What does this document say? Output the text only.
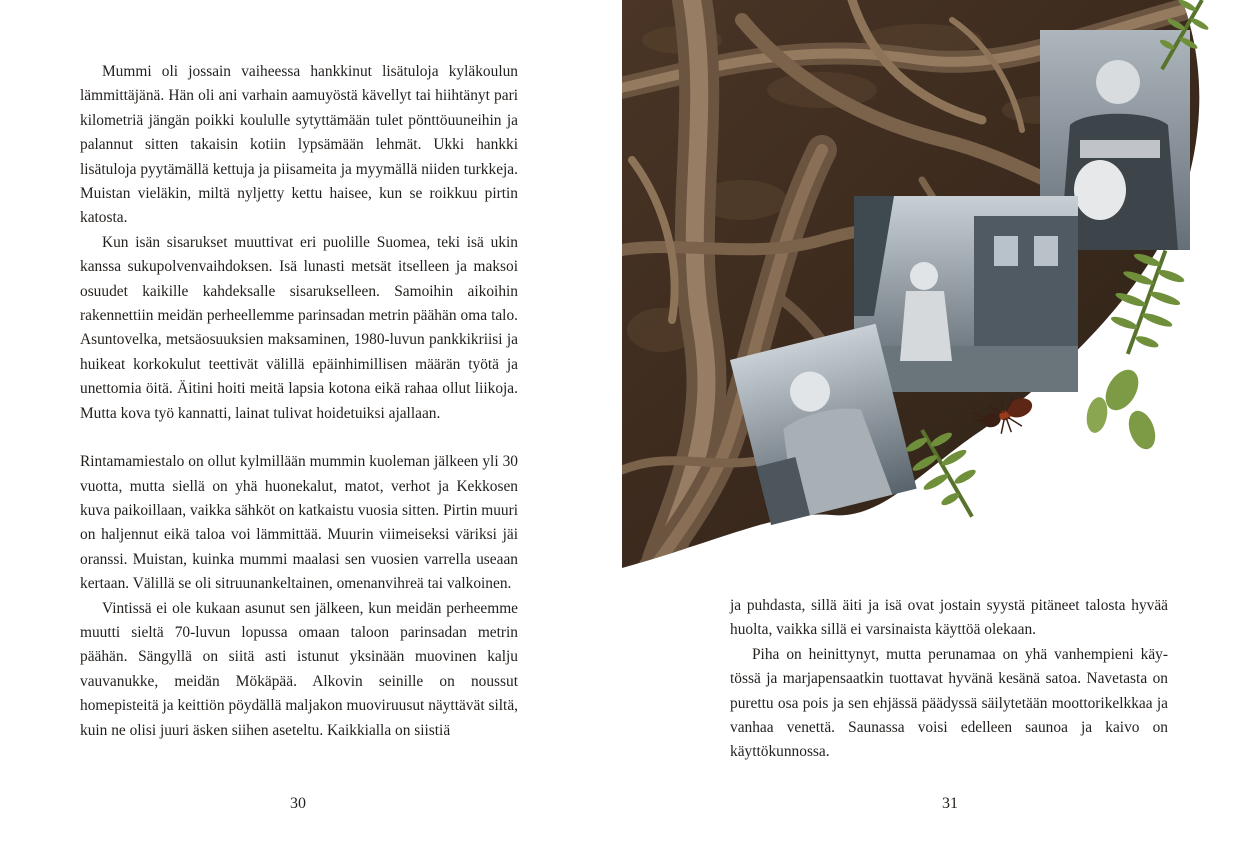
Mummi oli jossain vaiheessa hankkinut lisätuloja kyläkoulun lämmittäjänä. Hän oli ani varhain aamuyöstä kävellyt tai hiihtänyt pari kilometriä jängän poikki koululle sytyttämään tulet pönttöuuneihin ja palannut sitten takaisin kotiin lypsämään lehmät. Ukki hankki lisätuloja pyytämällä kettuja ja piisameita ja myymällä niiden turkkeja. Muistan vieläkin, miltä nyljetty kettu haisee, kun se roikkuu pirtin katosta.

Kun isän sisarukset muuttivat eri puolille Suomea, teki isä ukin kanssa sukupolvenvaihdoksen. Isä lunasti metsät itselleen ja maksoi osuudet kaikille kahdeksalle sisarukselleen. Samoihin aikoihin rakennettiin meidän perheellemme parinsadan metrin päähän oma talo. Asuntovelka, metsäosuuksien maksaminen, 1980-luvun pankkikriisi ja huikeat korkokulut teettivät välillä epäinhimillisen määrän työtä ja unettomia öitä. Äitini hoiti meitä lapsia kotona eikä rahaa ollut liikoja. Mutta kova työ kannatti, lainat tulivat hoidetuiksi ajallaan.

Rintamamiestalo on ollut kylmillään mummin kuoleman jälkeen yli 30 vuotta, mutta siellä on yhä huonekalut, matot, verhot ja Kekkosen kuva paikoillaan, vaikka sähköt on katkaistu vuosia sitten. Pirtin muuri on haljennut eikä taloa voi lämmittää. Muurin viimeiseksi väriksi jäi oranssi. Muistan, kuinka mummi maalasi sen vuosien varrella useaan kertaan. Välillä se oli sitruunankeltainen, omenanvihreä tai valkoinen.

Vintissä ei ole kukaan asunut sen jälkeen, kun meidän perheemme muutti sieltä 70-luvun lopussa omaan taloon parinsadan metrin päähän. Sängyllä on siitä asti istunut yksinään muovinen kalju vauvanukke, meidän Mökäpää. Alkovin seinille on noussut homepisteitä ja keittiön pöydällä maljakon muoviruusut näyttävät siltä, kuin ne olisi juuri äsken siihen aseteltu. Kaikkialla on siistiä

30

ja puhdasta, sillä äiti ja isä ovat jostain syystä pitäneet talosta hyvää huolta, vaikka sillä ei varsinaista käyttöä olekaan.

Piha on heinittynyt, mutta perunamaa on yhä vanhempieni käytössä ja marjapensaatkin tuottavat hyvänä kesänä satoa. Navetasta on purettu osa pois ja sen ehjässä päädyssä säilytetään moottorikelkkaa ja vanhaa venettä. Saunassa voisi edelleen saunoa ja kaivo on käyttökunnossa.

31
